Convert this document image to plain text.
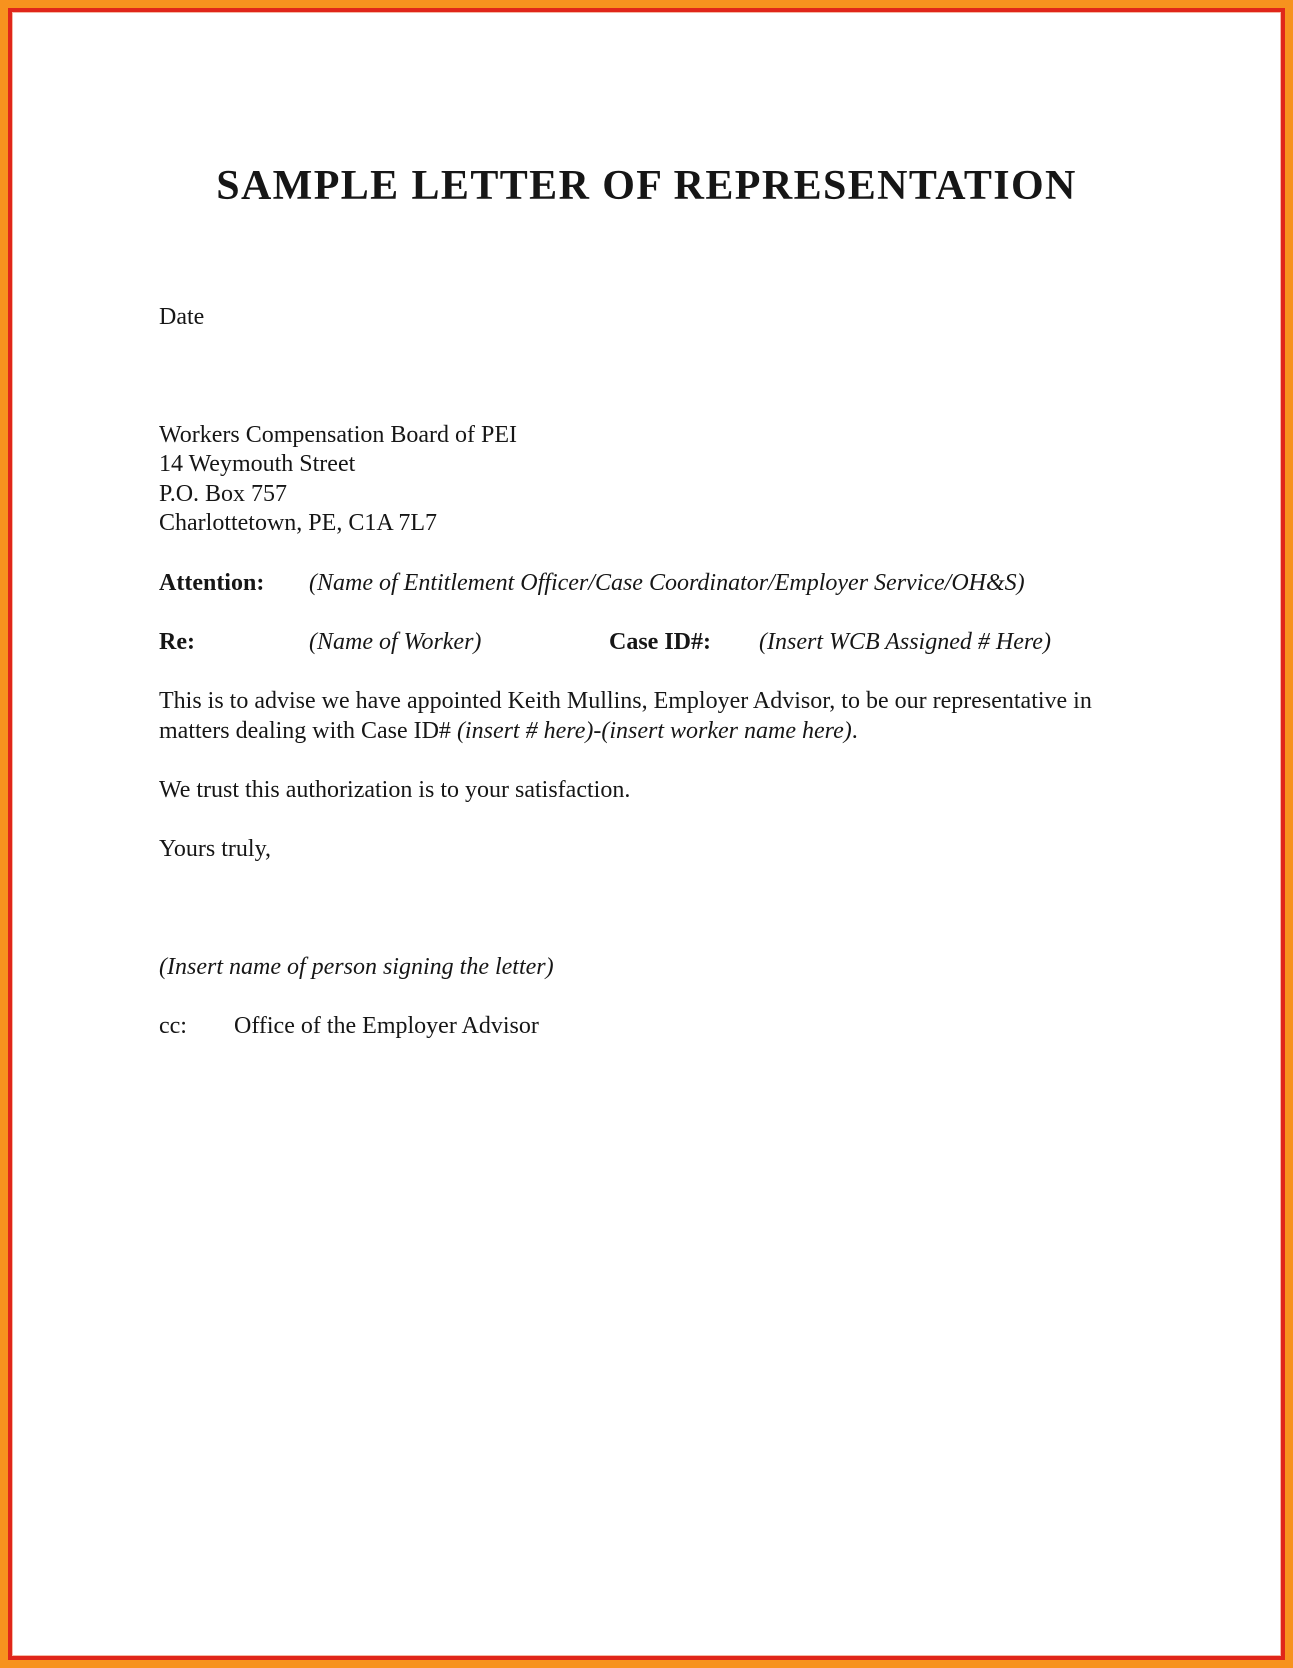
SAMPLE LETTER OF REPRESENTATION
Date
Workers Compensation Board of PEI
14 Weymouth Street
P.O. Box 757
Charlottetown, PE, C1A 7L7
Attention: (Name of Entitlement Officer/Case Coordinator/Employer Service/OH&S)
Re:	(Name of Worker)	Case ID#: (Insert WCB Assigned # Here)
This is to advise we have appointed Keith Mullins, Employer Advisor, to be our representative in
matters dealing with Case ID# (insert # here)-(insert worker name here).
We trust this authorization is to your satisfaction.
Yours truly,
(Insert name of person signing the letter)
cc: Office of the Employer Advisor
